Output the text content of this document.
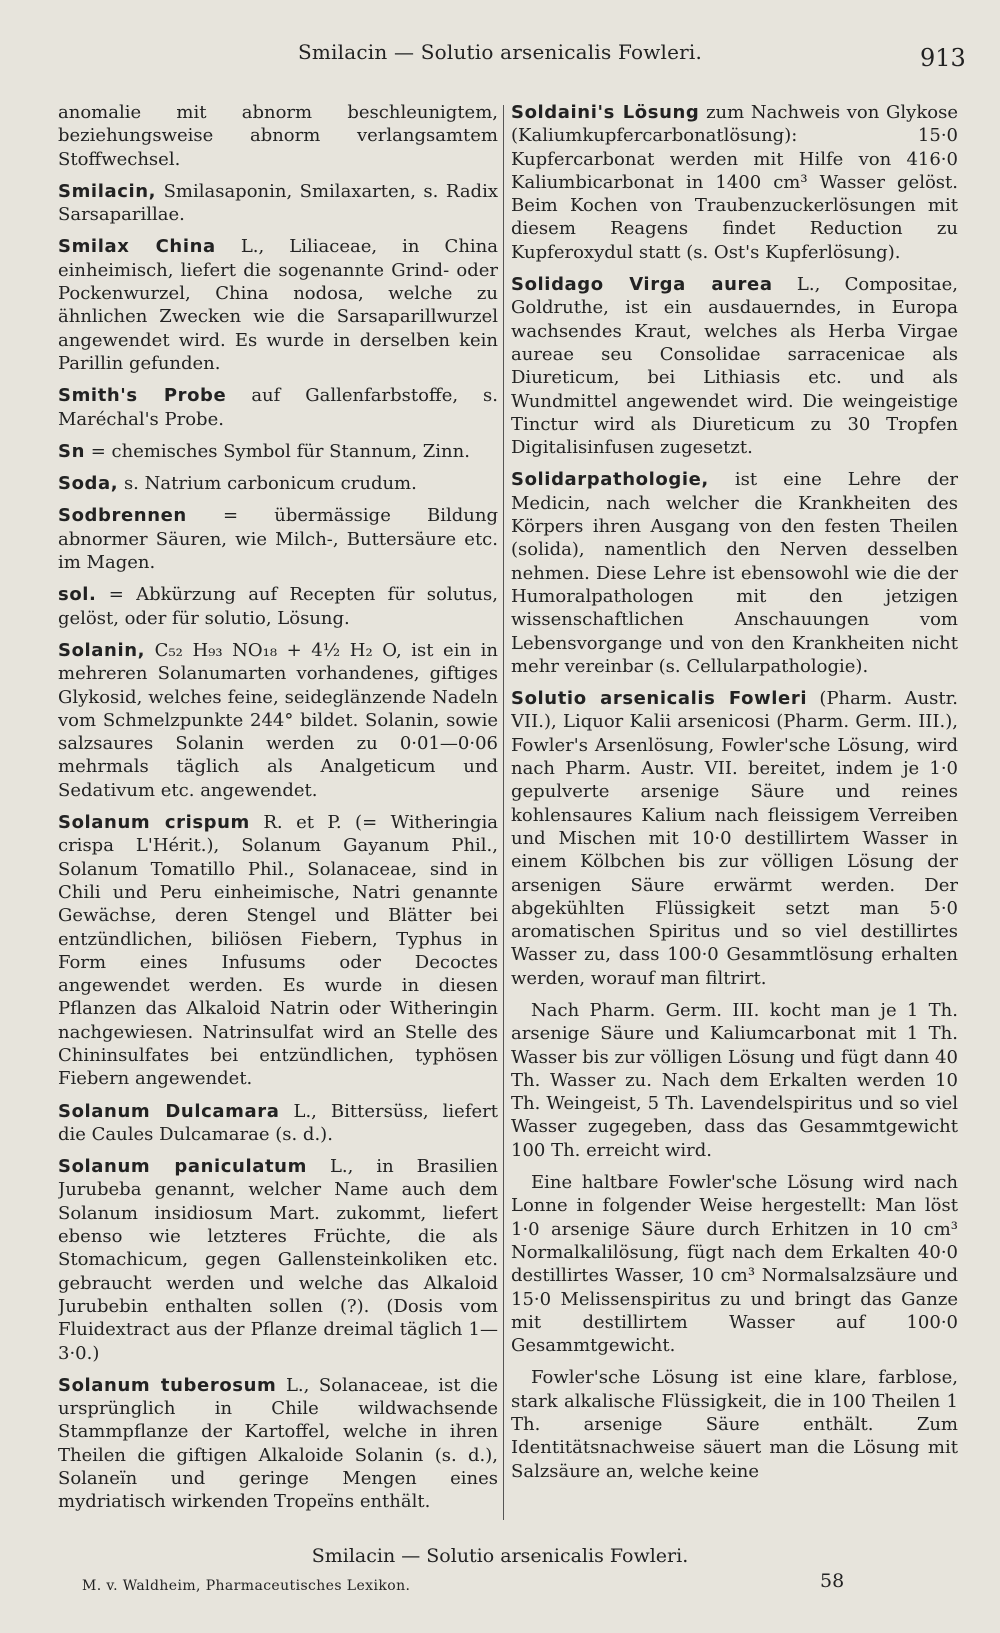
Smilacin — Solutio arsenicalis Fowleri.	913

anomalie mit abnorm beschleunigtem, beziehungsweise abnorm verlangsamtem Stoffwechsel.

Smilacin, Smilasaponin, Smilaxarten, s. Radix Sarsaparillae.

Smilax China L., Liliaceae, in China einheimisch, liefert die sogenannte Grind- oder Pockenwurzel, China nodosa, welche zu ähnlichen Zwecken wie die Sarsaparillwurzel angewendet wird. Es wurde in derselben kein Parillin gefunden.

Smith's Probe auf Gallenfarbstoffe, s. Maréchal's Probe.

Sn = chemisches Symbol für Stannum, Zinn.

Soda, s. Natrium carbonicum crudum.

Sodbrennen = übermässige Bildung abnormer Säuren, wie Milch-, Buttersäure etc. im Magen.

sol. = Abkürzung auf Recepten für solutus, gelöst, oder für solutio, Lösung.

Solanin, C₅₂ H₉₃ NO₁₈ + 4½ H₂ O, ist ein in mehreren Solanumarten vorhandenes, giftiges Glykosid, welches feine, seideglänzende Nadeln vom Schmelzpunkte 244° bildet. Solanin, sowie salzsaures Solanin werden zu 0·01—0·06 mehrmals täglich als Analgeticum und Sedativum etc. angewendet.

Solanum crispum R. et P. (= Witheringia crispa L'Hérit.), Solanum Gayanum Phil., Solanum Tomatillo Phil., Solanaceae, sind in Chili und Peru einheimische, Natri genannte Gewächse, deren Stengel und Blätter bei entzündlichen, biliösen Fiebern, Typhus in Form eines Infusums oder Decoctes angewendet werden. Es wurde in diesen Pflanzen das Alkaloid Natrin oder Witheringin nachgewiesen. Natrinsulfat wird an Stelle des Chininsulfates bei entzündlichen, typhösen Fiebern angewendet.

Solanum Dulcamara L., Bittersüss, liefert die Caules Dulcamarae (s. d.).

Solanum paniculatum L., in Brasilien Jurubeba genannt, welcher Name auch dem Solanum insidiosum Mart. zukommt, liefert ebenso wie letzteres Früchte, die als Stomachicum, gegen Gallensteinkoliken etc. gebraucht werden und welche das Alkaloid Jurubebin enthalten sollen (?). (Dosis vom Fluidextract aus der Pflanze dreimal täglich 1—3·0.)

Solanum tuberosum L., Solanaceae, ist die ursprünglich in Chile wildwachsende Stammpflanze der Kartoffel, welche in ihren Theilen die giftigen Alkaloide Solanin (s. d.), Solaneïn und geringe Mengen eines mydriatisch wirkenden Tropeïns enthält.

Soldaini's Lösung zum Nachweis von Glykose (Kaliumkupfercarbonatlösung): 15·0 Kupfercarbonat werden mit Hilfe von 416·0 Kaliumbicarbonat in 1400 cm³ Wasser gelöst. Beim Kochen von Traubenzuckerlösungen mit diesem Reagens findet Reduction zu Kupferoxydul statt (s. Ost's Kupferlösung).

Solidago Virga aurea L., Compositae, Goldruthe, ist ein ausdauerndes, in Europa wachsendes Kraut, welches als Herba Virgae aureae seu Consolidae sarracenicae als Diureticum, bei Lithiasis etc. und als Wundmittel angewendet wird. Die weingeistige Tinctur wird als Diureticum zu 30 Tropfen Digitalisinfusen zugesetzt.

Solidarpathologie, ist eine Lehre der Medicin, nach welcher die Krankheiten des Körpers ihren Ausgang von den festen Theilen (solida), namentlich den Nerven desselben nehmen. Diese Lehre ist ebensowohl wie die der Humoralpathologen mit den jetzigen wissenschaftlichen Anschauungen vom Lebensvorgange und von den Krankheiten nicht mehr vereinbar (s. Cellularpathologie).

Solutio arsenicalis Fowleri (Pharm. Austr. VII.), Liquor Kalii arsenicosi (Pharm. Germ. III.), Fowler's Arsenlösung, Fowler'sche Lösung, wird nach Pharm. Austr. VII. bereitet, indem je 1·0 gepulverte arsenige Säure und reines kohlensaures Kalium nach fleissigem Verreiben und Mischen mit 10·0 destillirtem Wasser in einem Kölbchen bis zur völligen Lösung der arsenigen Säure erwärmt werden. Der abgekühlten Flüssigkeit setzt man 5·0 aromatischen Spiritus und so viel destillirtes Wasser zu, dass 100·0 Gesammtlösung erhalten werden, worauf man filtrirt.

Nach Pharm. Germ. III. kocht man je 1 Th. arsenige Säure und Kaliumcarbonat mit 1 Th. Wasser bis zur völligen Lösung und fügt dann 40 Th. Wasser zu. Nach dem Erkalten werden 10 Th. Weingeist, 5 Th. Lavendelspiritus und so viel Wasser zugegeben, dass das Gesammtgewicht 100 Th. erreicht wird.

Eine haltbare Fowler'sche Lösung wird nach Lonne in folgender Weise hergestellt: Man löst 1·0 arsenige Säure durch Erhitzen in 10 cm³ Normalkalilösung, fügt nach dem Erkalten 40·0 destillirtes Wasser, 10 cm³ Normalsalzsäure und 15·0 Melissenspiritus zu und bringt das Ganze mit destillirtem Wasser auf 100·0 Gesammtgewicht.

Fowler'sche Lösung ist eine klare, farblose, stark alkalische Flüssigkeit, die in 100 Theilen 1 Th. arsenige Säure enthält. Zum Identitätsnachweise säuert man die Lösung mit Salzsäure an, welche keine

Smilacin — Solutio arsenicalis Fowleri.
M. v. Waldheim, Pharmaceutisches Lexikon.	58
